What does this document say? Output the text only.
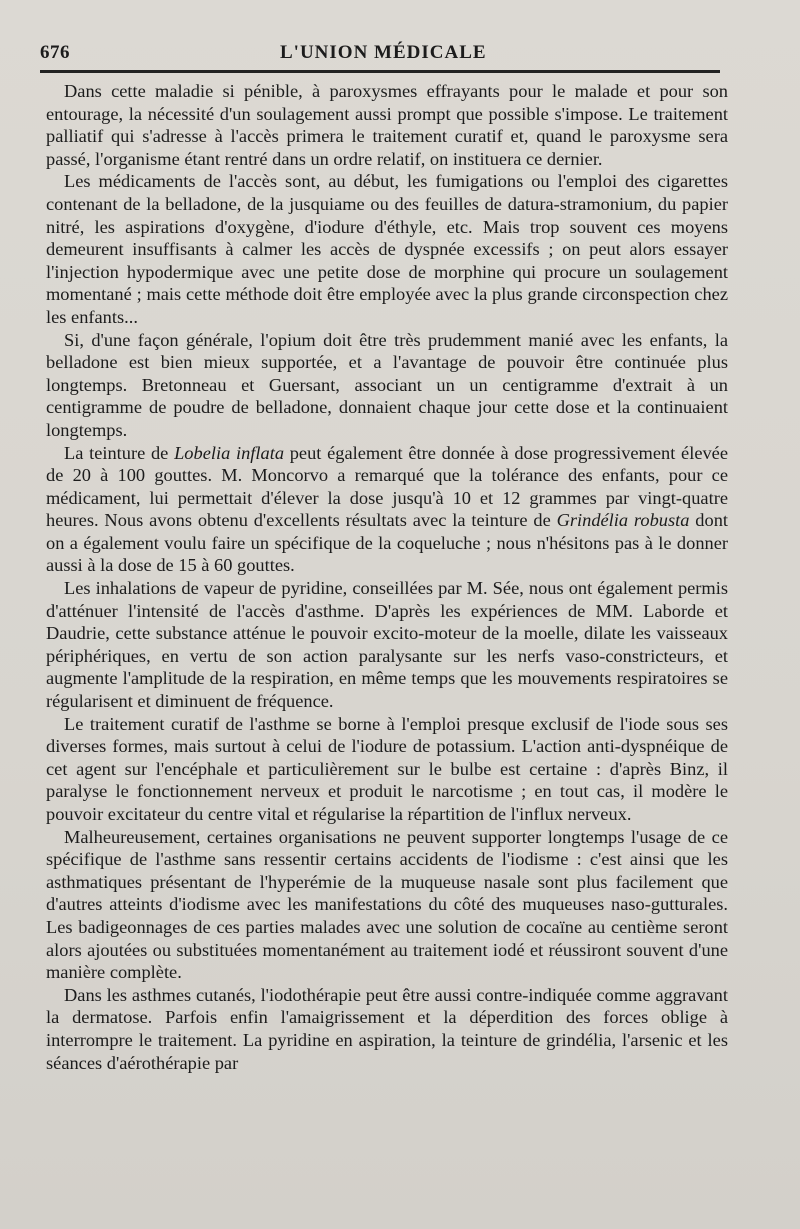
676	L'UNION MÉDICALE

Dans cette maladie si pénible, à paroxysmes effrayants pour le malade et pour son entourage, la nécessité d'un soulagement aussi prompt que possible s'impose. Le traitement palliatif qui s'adresse à l'accès primera le traitement curatif et, quand le paroxysme sera passé, l'organisme étant rentré dans un ordre relatif, on instituera ce dernier.

Les médicaments de l'accès sont, au début, les fumigations ou l'emploi des cigarettes contenant de la belladone, de la jusquiame ou des feuilles de datura-stramonium, du papier nitré, les aspirations d'oxygène, d'iodure d'éthyle, etc. Mais trop souvent ces moyens demeurent insuffisants à calmer les accès de dyspnée excessifs ; on peut alors essayer l'injection hypodermique avec une petite dose de morphine qui procure un soulagement momentané ; mais cette méthode doit être employée avec la plus grande circonspection chez les enfants...

Si, d'une façon générale, l'opium doit être très prudemment manié avec les enfants, la belladone est bien mieux supportée, et a l'avantage de pouvoir être continuée plus longtemps. Bretonneau et Guersant, associant un un centigramme d'extrait à un centigramme de poudre de belladone, donnaient chaque jour cette dose et la continuaient longtemps.

La teinture de Lobelia inflata peut également être donnée à dose progressivement élevée de 20 à 100 gouttes. M. Moncorvo a remarqué que la tolérance des enfants, pour ce médicament, lui permettait d'élever la dose jusqu'à 10 et 12 grammes par vingt-quatre heures. Nous avons obtenu d'excellents résultats avec la teinture de Grindélia robusta dont on a également voulu faire un spécifique de la coqueluche ; nous n'hésitons pas à le donner aussi à la dose de 15 à 60 gouttes.

Les inhalations de vapeur de pyridine, conseillées par M. Sée, nous ont également permis d'atténuer l'intensité de l'accès d'asthme. D'après les expériences de MM. Laborde et Daudrie, cette substance atténue le pouvoir excito-moteur de la moelle, dilate les vaisseaux périphériques, en vertu de son action paralysante sur les nerfs vaso-constricteurs, et augmente l'amplitude de la respiration, en même temps que les mouvements respiratoires se régularisent et diminuent de fréquence.

Le traitement curatif de l'asthme se borne à l'emploi presque exclusif de l'iode sous ses diverses formes, mais surtout à celui de l'iodure de potassium. L'action anti-dyspnéique de cet agent sur l'encéphale et particulièrement sur le bulbe est certaine : d'après Binz, il paralyse le fonctionnement nerveux et produit le narcotisme ; en tout cas, il modère le pouvoir excitateur du centre vital et régularise la répartition de l'influx nerveux.

Malheureusement, certaines organisations ne peuvent supporter longtemps l'usage de ce spécifique de l'asthme sans ressentir certains accidents de l'iodisme : c'est ainsi que les asthmatiques présentant de l'hyperémie de la muqueuse nasale sont plus facilement que d'autres atteints d'iodisme avec les manifestations du côté des muqueuses naso-gutturales. Les badigeonnages de ces parties malades avec une solution de cocaïne au centième seront alors ajoutées ou substituées momentanément au traitement iodé et réussiront souvent d'une manière complète.

Dans les asthmes cutanés, l'iodothérapie peut être aussi contre-indiquée comme aggravant la dermatose. Parfois enfin l'amaigrissement et la déperdition des forces oblige à interrompre le traitement. La pyridine en aspiration, la teinture de grindélia, l'arsenic et les séances d'aérothérapie par
